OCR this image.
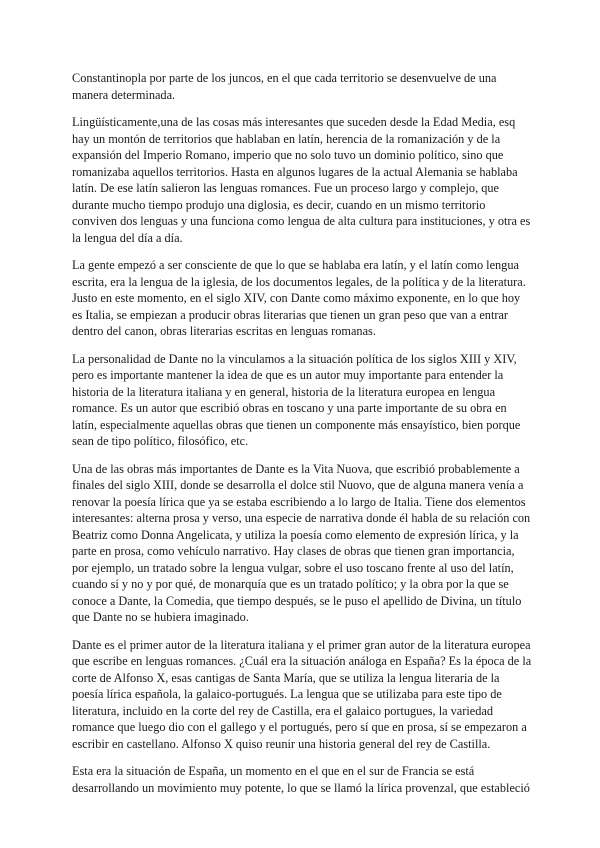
Constantinopla por parte de los juncos, en el que cada territorio se desenvuelve de una manera determinada.

Lingüísticamente,una de las cosas más interesantes que suceden desde la Edad Media, esq hay un montón de territorios que hablaban en latín, herencia de la romanización y de la expansión del Imperio Romano, imperio que no solo tuvo un dominio político, sino que romanizaba aquellos territorios. Hasta en algunos lugares de la actual Alemania se hablaba latín. De ese latín salieron las lenguas romances. Fue un proceso largo y complejo, que durante mucho tiempo produjo una diglosia, es decir, cuando en un mismo territorio conviven dos lenguas y una funciona como lengua de alta cultura para instituciones, y otra es la lengua del día a día.

La gente empezó a ser consciente de que lo que se hablaba era latín, y el latín como lengua escrita, era la lengua de la iglesia, de los documentos legales, de la política y de la literatura. Justo en este momento, en el siglo XIV, con Dante como máximo exponente, en lo que hoy es Italia, se empiezan a producir obras literarias que tienen un gran peso que van a entrar dentro del canon, obras literarias escritas en lenguas romanas.

La personalidad de Dante no la vinculamos a la situación política de los siglos XIII y XIV, pero es importante mantener la idea de que es un autor muy importante para entender la historia de la literatura italiana y en general, historia de la literatura europea en lengua romance. Es un autor que escribió obras en toscano y una parte importante de su obra en latín, especialmente aquellas obras que tienen un componente más ensayístico, bien porque sean de tipo político, filosófico, etc.

Una de las obras más importantes de Dante es la Vita Nuova, que escribió probablemente a finales del siglo XIII, donde se desarrolla el dolce stil Nuovo, que de alguna manera venía a renovar la poesía lírica que ya se estaba escribiendo a lo largo de Italia. Tiene dos elementos interesantes: alterna prosa y verso, una especie de narrativa donde él habla de su relación con Beatriz como Donna Angelicata, y utiliza la poesía como elemento de expresión lírica, y la parte en prosa, como vehículo narrativo. Hay clases de obras que tienen gran importancia, por ejemplo, un tratado sobre la lengua vulgar, sobre el uso toscano frente al uso del latín, cuando sí y no y por qué, de monarquía que es un tratado político; y la obra por la que se conoce a Dante, la Comedia, que tiempo después, se le puso el apellido de Divina, un título que Dante no se hubiera imaginado.

Dante es el primer autor de la literatura italiana y el primer gran autor de la literatura europea que escribe en lenguas romances. ¿Cuál era la situación análoga en España? Es la época de la corte de Alfonso X, esas cantigas de Santa María, que se utiliza la lengua literaria de la poesía lírica española, la galaico-portugués. La lengua que se utilizaba para este tipo de literatura, incluido en la corte del rey de Castilla, era el galaico portugues, la variedad romance que luego dio con el gallego y el portugués, pero sí que en prosa, sí se empezaron a escribir en castellano. Alfonso X quiso reunir una historia general del rey de Castilla.

Esta era la situación de España, un momento en el que en el sur de Francia se está desarrollando un movimiento muy potente, lo que se llamó la lírica provenzal, que estableció
